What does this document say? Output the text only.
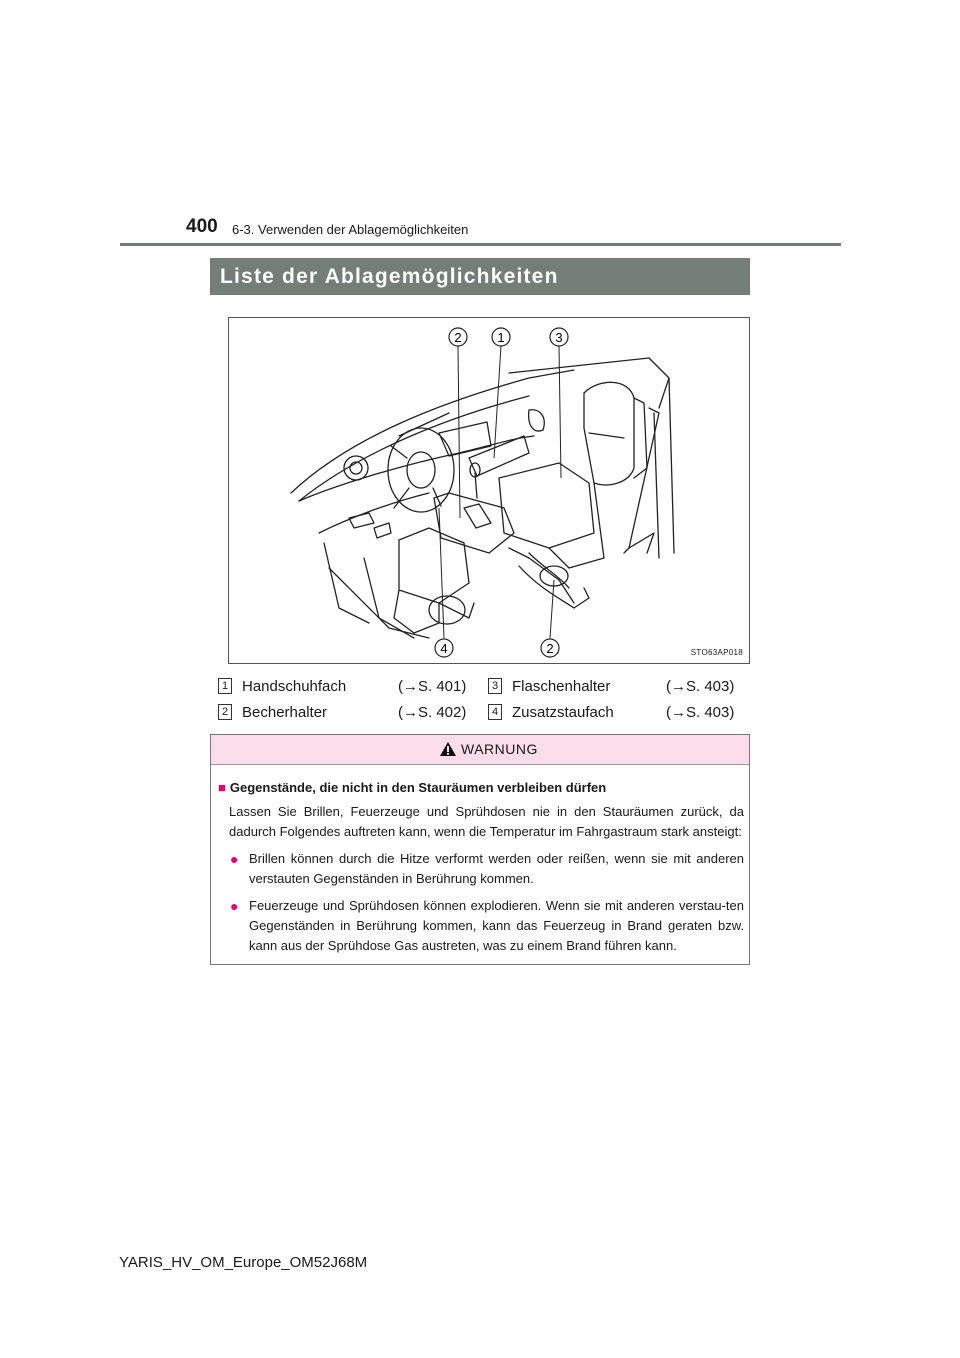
400 6-3. Verwenden der Ablagemöglichkeiten
Liste der Ablagemöglichkeiten
2	1	3
4	2	STO63AP018
1 Handschuhfach	(→S. 401)
2 Becherhalter	(→S. 402)
3 Flaschenhalter	(→S. 403)
4 Zusatzstaufach	(→S. 403)
WARNUNG
■ Gegenstände, die nicht in den Stauräumen verbleiben dürfen
Lassen Sie Brillen, Feuerzeuge und Sprühdosen nie in den Stauräumen zurück, da dadurch Folgendes auftreten kann, wenn die Temperatur im Fahrgastraum stark ansteigt:
● Brillen können durch die Hitze verformt werden oder reißen, wenn sie mit anderen verstauten Gegenständen in Berührung kommen.
● Feuerzeuge und Sprühdosen können explodieren. Wenn sie mit anderen verstau-ten Gegenständen in Berührung kommen, kann das Feuerzeug in Brand geraten bzw. kann aus der Sprühdose Gas austreten, was zu einem Brand führen kann.
YARIS_HV_OM_Europe_OM52J68M
